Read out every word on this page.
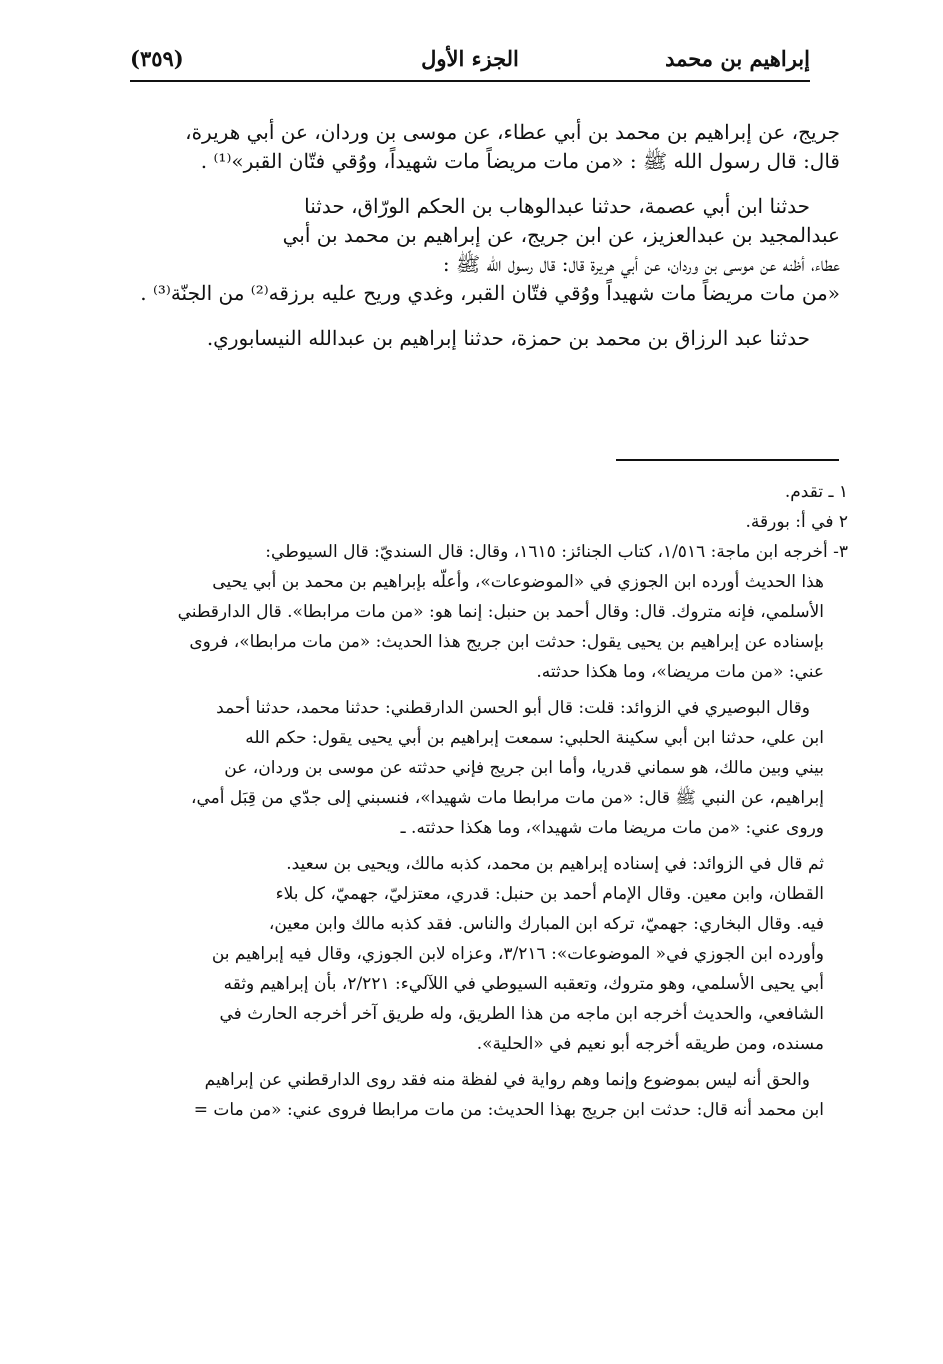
إبراهيم بن محمد
الجزء الأول
(٣٥٩)
جريج، عن إبراهيم بن محمد بن أبي عطاء، عن موسى بن وردان، عن أبي هريرة،
قال: قال رسول الله ﷺ : «من مات مريضاً مات شهيداً، ووُقي فتّان القبر»⁽¹⁾ .
حدثنا ابن أبي عصمة، حدثنا عبدالوهاب بن الحكم الورّاق، حدثنا
عبدالمجيد بن عبدالعزيز، عن ابن جريج، عن إبراهيم بن محمد بن أبي
عطاء، أظنه عن موسى بن وردان، عن أبي هريرة قال: قال رسول الله ﷺ :
«من مات مريضاً مات شهيداً ووُقي فتّان القبر، وغدي وريح عليه برزقه⁽²⁾ من الجنّة⁽³⁾ .
حدثنا عبد الرزاق بن محمد بن حمزة، حدثنا إبراهيم بن عبدالله النيسابوري.
١ ـ تقدم.
٢ في أ: بورقة.
٣- أخرجه ابن ماجة: ١/٥١٦، كتاب الجنائز: ١٦١٥، وقال: قال السنديّ: قال السيوطي:
هذا الحديث أورده ابن الجوزي في «الموضوعات»، وأعلّه بإبراهيم بن محمد بن أبي يحيى
الأسلمي، فإنه متروك. قال: وقال أحمد بن حنبل: إنما هو: «من مات مرابطا». قال الدارقطني
بإسناده عن إبراهيم بن يحيى يقول: حدثت ابن جريج هذا الحديث: «من مات مرابطا»، فروى
عني: «من مات مريضا»، وما هكذا حدثته.
وقال البوصيري في الزوائد: قلت: قال أبو الحسن الدارقطني: حدثنا محمد، حدثنا أحمد
ابن علي، حدثنا ابن أبي سكينة الحلبي: سمعت إبراهيم بن أبي يحيى يقول: حكم الله
بيني وبين مالك، هو سماني قدريا، وأما ابن جريج فإني حدثته عن موسى بن وردان، عن
إبراهيم، عن النبي ﷺ قال: «من مات مرابطا مات شهيدا»، فنسبني إلى جدّي من قِبَل أمي،
وروى عني: «من مات مريضا مات شهيدا»، وما هكذا حدثته. ـ
ثم قال في الزوائد: في إسناده إبراهيم بن محمد، كذبه مالك، ويحيى بن سعيد.
القطان، وابن معين. وقال الإمام أحمد بن حنبل: قدري، معتزليّ، جهميّ، كل بلاء
فيه. وقال البخاري: جهميّ، تركه ابن المبارك والناس. فقد كذبه مالك وابن معين،
وأورده ابن الجوزي في« الموضوعات»: ٣/٢١٦، وعزاه لابن الجوزي، وقال فيه إبراهيم بن
أبي يحيى الأسلمي، وهو متروك، وتعقبه السيوطي في اللآليء: ٢/٢٢١، بأن إبراهيم وثقه
الشافعي، والحديث أخرجه ابن ماجه من هذا الطريق، وله طريق آخر أخرجه الحارث في
مسنده، ومن طريقه أخرجه أبو نعيم في «الحلية».
والحق أنه ليس بموضوع وإنما وهم رواية في لفظة منه فقد روى الدارقطني عن إبراهيم
ابن محمد أنه قال: حدثت ابن جريج بهذا الحديث: من مات مرابطا فروى عني: «من مات =
